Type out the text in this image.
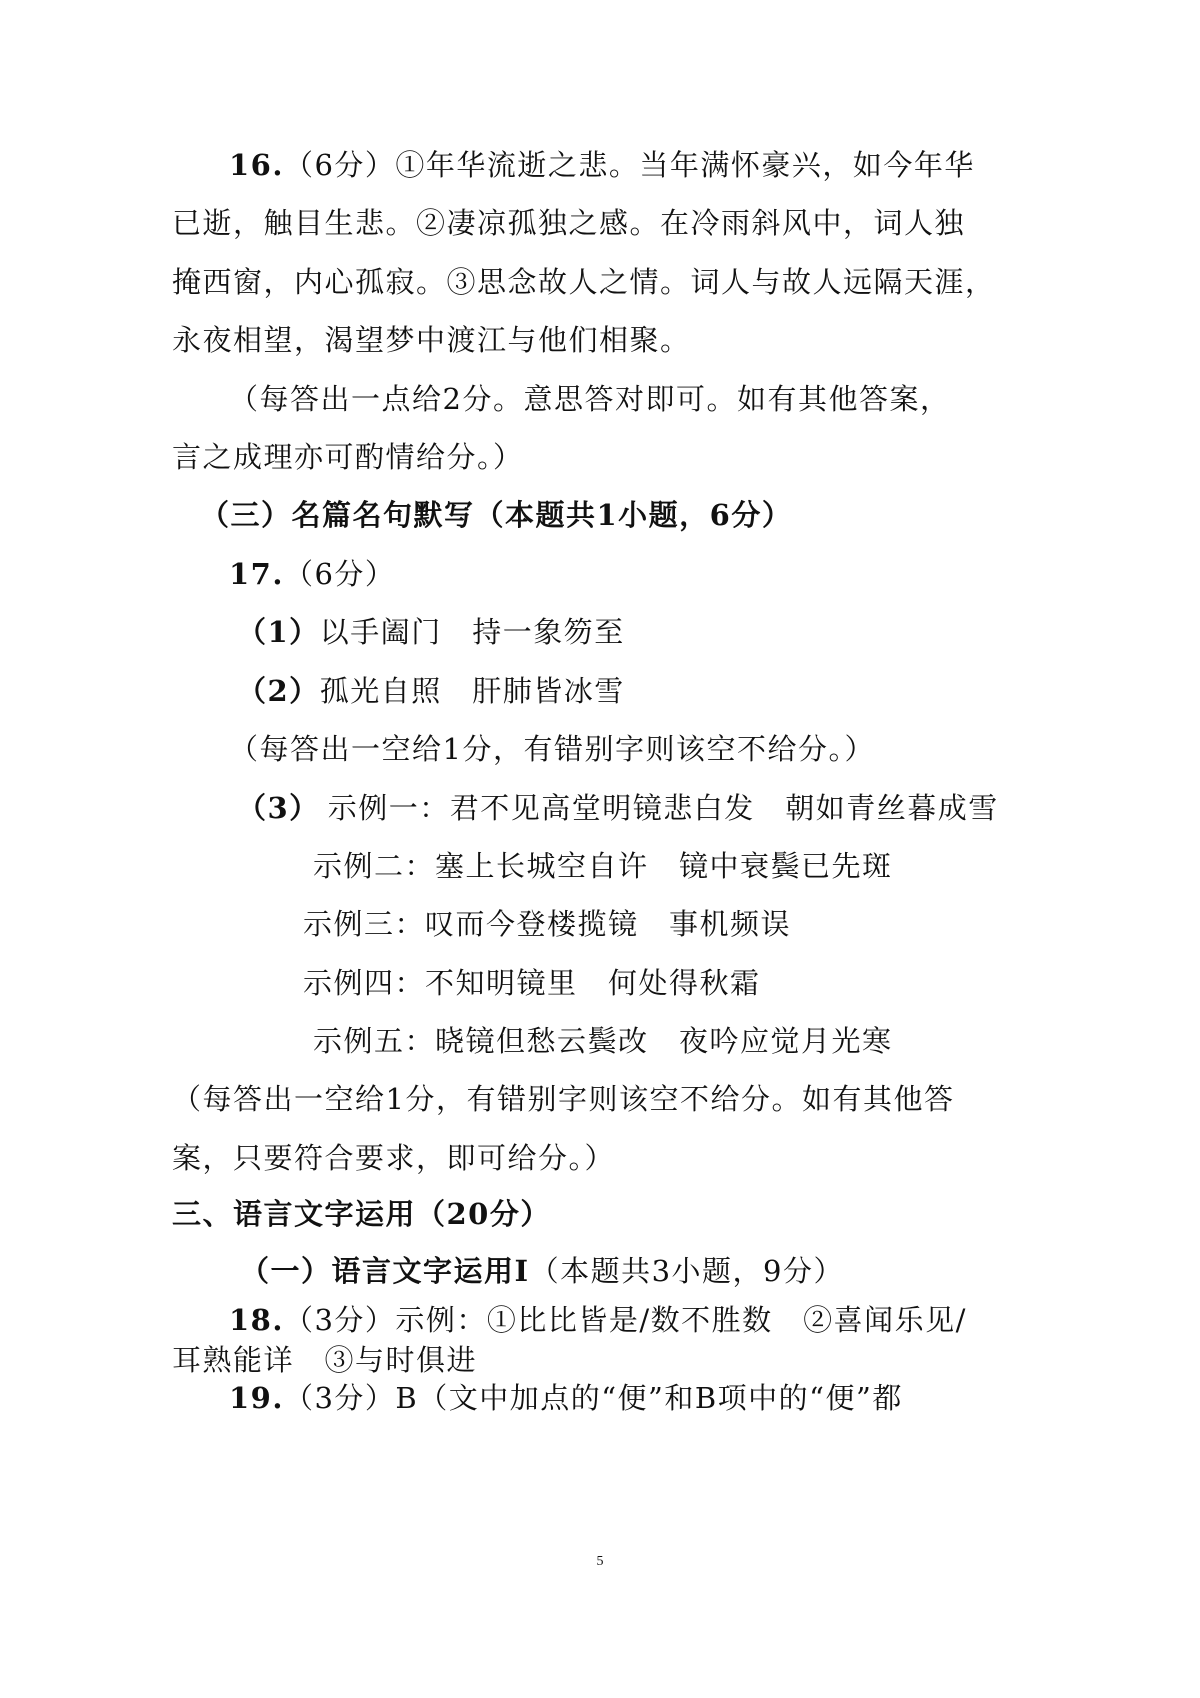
16.（6分）①年华流逝之悲。当年满怀豪兴，如今年华
已逝，触目生悲。②凄凉孤独之感。在冷雨斜风中，词人独
掩西窗，内心孤寂。③思念故人之情。词人与故人远隔天涯，
永夜相望，渴望梦中渡江与他们相聚。
（每答出一点给2分。意思答对即可。如有其他答案，
言之成理亦可酌情给分。）
（三）名篇名句默写（本题共1小题，6分）
17.（6分）
（1）以手阖门　持一象笏至
（2）孤光自照　肝肺皆冰雪
（每答出一空给1分，有错别字则该空不给分。）
（3） 示例一：君不见高堂明镜悲白发　朝如青丝暮成雪
示例二：塞上长城空自许　镜中衰鬓已先斑
示例三：叹而今登楼揽镜　事机频误
示例四：不知明镜里　何处得秋霜
示例五：晓镜但愁云鬓改　夜吟应觉月光寒
（每答出一空给1分，有错别字则该空不给分。如有其他答
案，只要符合要求，即可给分。）
三、语言文字运用（20分）
（一）语言文字运用Ⅰ（本题共3小题，9分）
18.（3分）示例：①比比皆是/数不胜数　②喜闻乐见/
耳熟能详　③与时俱进
19.（3分）B（文中加点的“便”和B项中的“便”都
5
